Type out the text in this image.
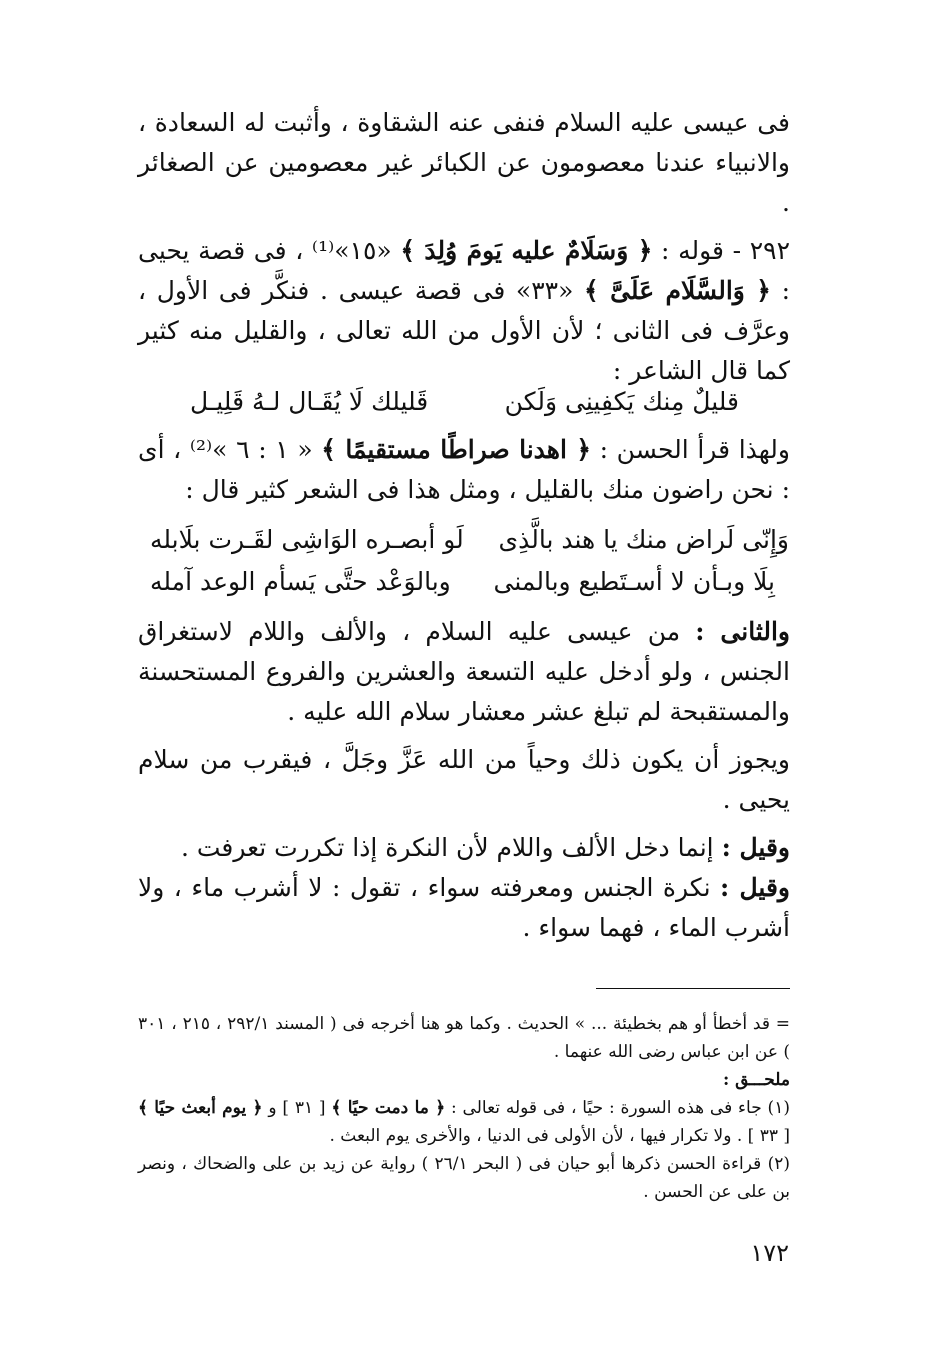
فى عيسى عليه السلام فنفى عنه الشقاوة ، وأثبت له السعادة ، والانبياء عندنا معصومون عن الكبائر غير معصومين عن الصغائر .

٢٩٢ - قوله : ﴿ وَسَلَامٌ عليه يَومَ وُلِدَ ﴾ «١٥»⁽¹⁾ ، فى قصة يحيى : ﴿ وَالسَّلَام عَلَىَّ ﴾ «٣٣» فى قصة عيسى . فنكَّر فى الأول ، وعرَّف فى الثانى ؛ لأن الأول من الله تعالى ، والقليل منه كثير كما قال الشاعر :

قليلٌ مِنك يَكفِينِى وَلَكن
قَليلك لَا يُقَـال لـهُ قَلِيـل

ولهذا قرأ الحسن : ﴿ اهدنا صراطًا مستقيمًا ﴾ « ١ : ٦ »⁽²⁾ ، أى : نحن راضون منك بالقليل ، ومثل هذا فى الشعر كثير قال :

وَإِنّى لَراض منك يا هند بالَّذِى
لَو أبصـره الوَاشِى لقَـرت بلَابله
بِلَا وبـأن لا أسـتَطيع وبالمنى
وبالوَعْد حتَّى يَسأم الوعد آمله

والثانى : من عيسى عليه السلام ، والألف واللام لاستغراق الجنس ، ولو أدخل عليه التسعة والعشرين والفروع المستحسنة والمستقبحة لم تبلغ عشر معشار سلام الله عليه .

ويجوز أن يكون ذلك وحياً من الله عَزَّ وجَلَّ ، فيقرب من سلام يحيى .

وقيل : إنما دخل الألف واللام لأن النكرة إذا تكررت تعرفت .

وقيل : نكرة الجنس ومعرفته سواء ، تقول : لا أشرب ماء ، ولا أشرب الماء ، فهما سواء .

= قد أخطأ أو هم بخطيئة ... » الحديث . وكما هو هنا أخرجه فى ( المسند ٢٩٢/١ ، ٢١٥ ، ٣٠١ ) عن ابن عباس رضى الله عنهما .

ملحـــق :

(١) جاء فى هذه السورة : حيًا ، فى قوله تعالى : ﴿ ما دمت حيًا ﴾ [ ٣١ ] و ﴿ يوم أبعث حيًا ﴾ [ ٣٣ ] . ولا تكرار فيها ، لأن الأولى فى الدنيا ، والأخرى يوم البعث .

(٢) قراءة الحسن ذكرها أبو حيان فى ( البحر ٢٦/١ ) رواية عن زيد بن على والضحاك ، ونصر بن على عن الحسن .

١٧٢
